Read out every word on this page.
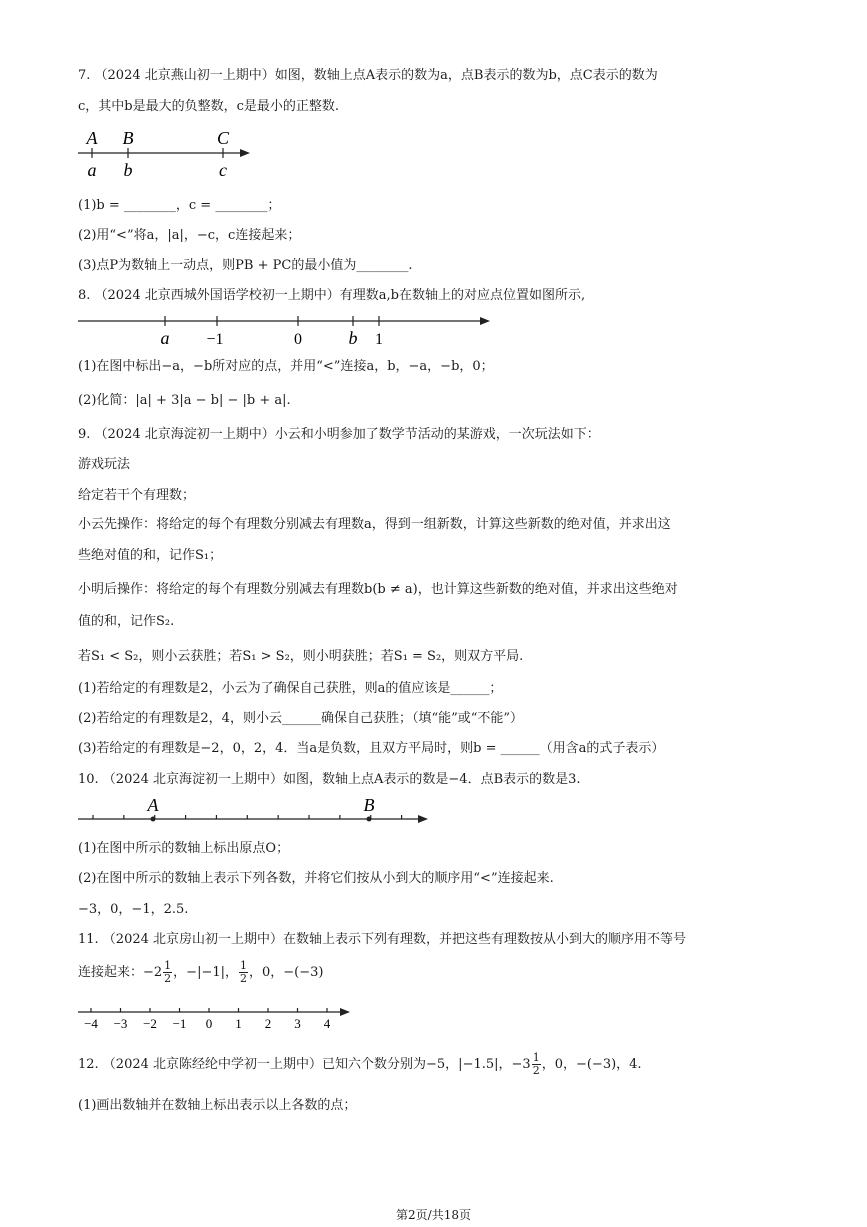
7. （2024 北京燕山初一上期中）如图，数轴上点A表示的数为a，点B表示的数为b，点C表示的数为
c，其中b是最大的负整数，c是最小的正整数.
A B	C
a b	c
(1)b = ________，c = ________；
(2)用“<”将a，|a|，−c，c连接起来；
(3)点P为数轴上一动点，则PB + PC的最小值为________.
8. （2024 北京西城外国语学校初一上期中）有理数a,b在数轴上的对应点位置如图所示,
a −1	0	b 1
(1)在图中标出−a，−b所对应的点，并用“<”连接a，b，−a，−b，0；
(2)化简：|a| + 3|a − b| − |b + a|.
9. （2024 北京海淀初一上期中）小云和小明参加了数学节活动的某游戏，一次玩法如下：
游戏玩法
给定若干个有理数；
小云先操作：将给定的每个有理数分别减去有理数a，得到一组新数，计算这些新数的绝对值，并求出这
些绝对值的和，记作S₁；
小明后操作：将给定的每个有理数分别减去有理数b(b ≠ a)，也计算这些新数的绝对值，并求出这些绝对
值的和，记作S₂.
若S₁ < S₂，则小云获胜；若S₁ > S₂，则小明获胜；若S₁ = S₂，则双方平局.
(1)若给定的有理数是2，小云为了确保自己获胜，则a的值应该是______；
(2)若给定的有理数是2，4，则小云______确保自己获胜；（填“能”或“不能”）
(3)若给定的有理数是−2，0，2，4．当a是负数，且双方平局时，则b = ______（用含a的式子表示）
10. （2024 北京海淀初一上期中）如图，数轴上点A表示的数是−4．点B表示的数是3.
A	B
(1)在图中所示的数轴上标出原点O；
(2)在图中所示的数轴上表示下列各数，并将它们按从小到大的顺序用“<”连接起来.
−3，0，−1，2.5.
11. （2024 北京房山初一上期中）在数轴上表示下列有理数，并把这些有理数按从小到大的顺序用不等号
连接起来：$-2 \frac{1}{2}$ ，−|−1|， $\frac{1}{2}$ ，0，−(−3)
−4 −3 −2 −1 0 1 2 3 4
12. （2024 北京陈经纶中学初一上期中）已知六个数分别为−5，|−1.5|，$-3 \frac{1}{2}$ ，0，−(−3)，4.
(1)画出数轴并在数轴上标出表示以上各数的点；
第2页/共18页
